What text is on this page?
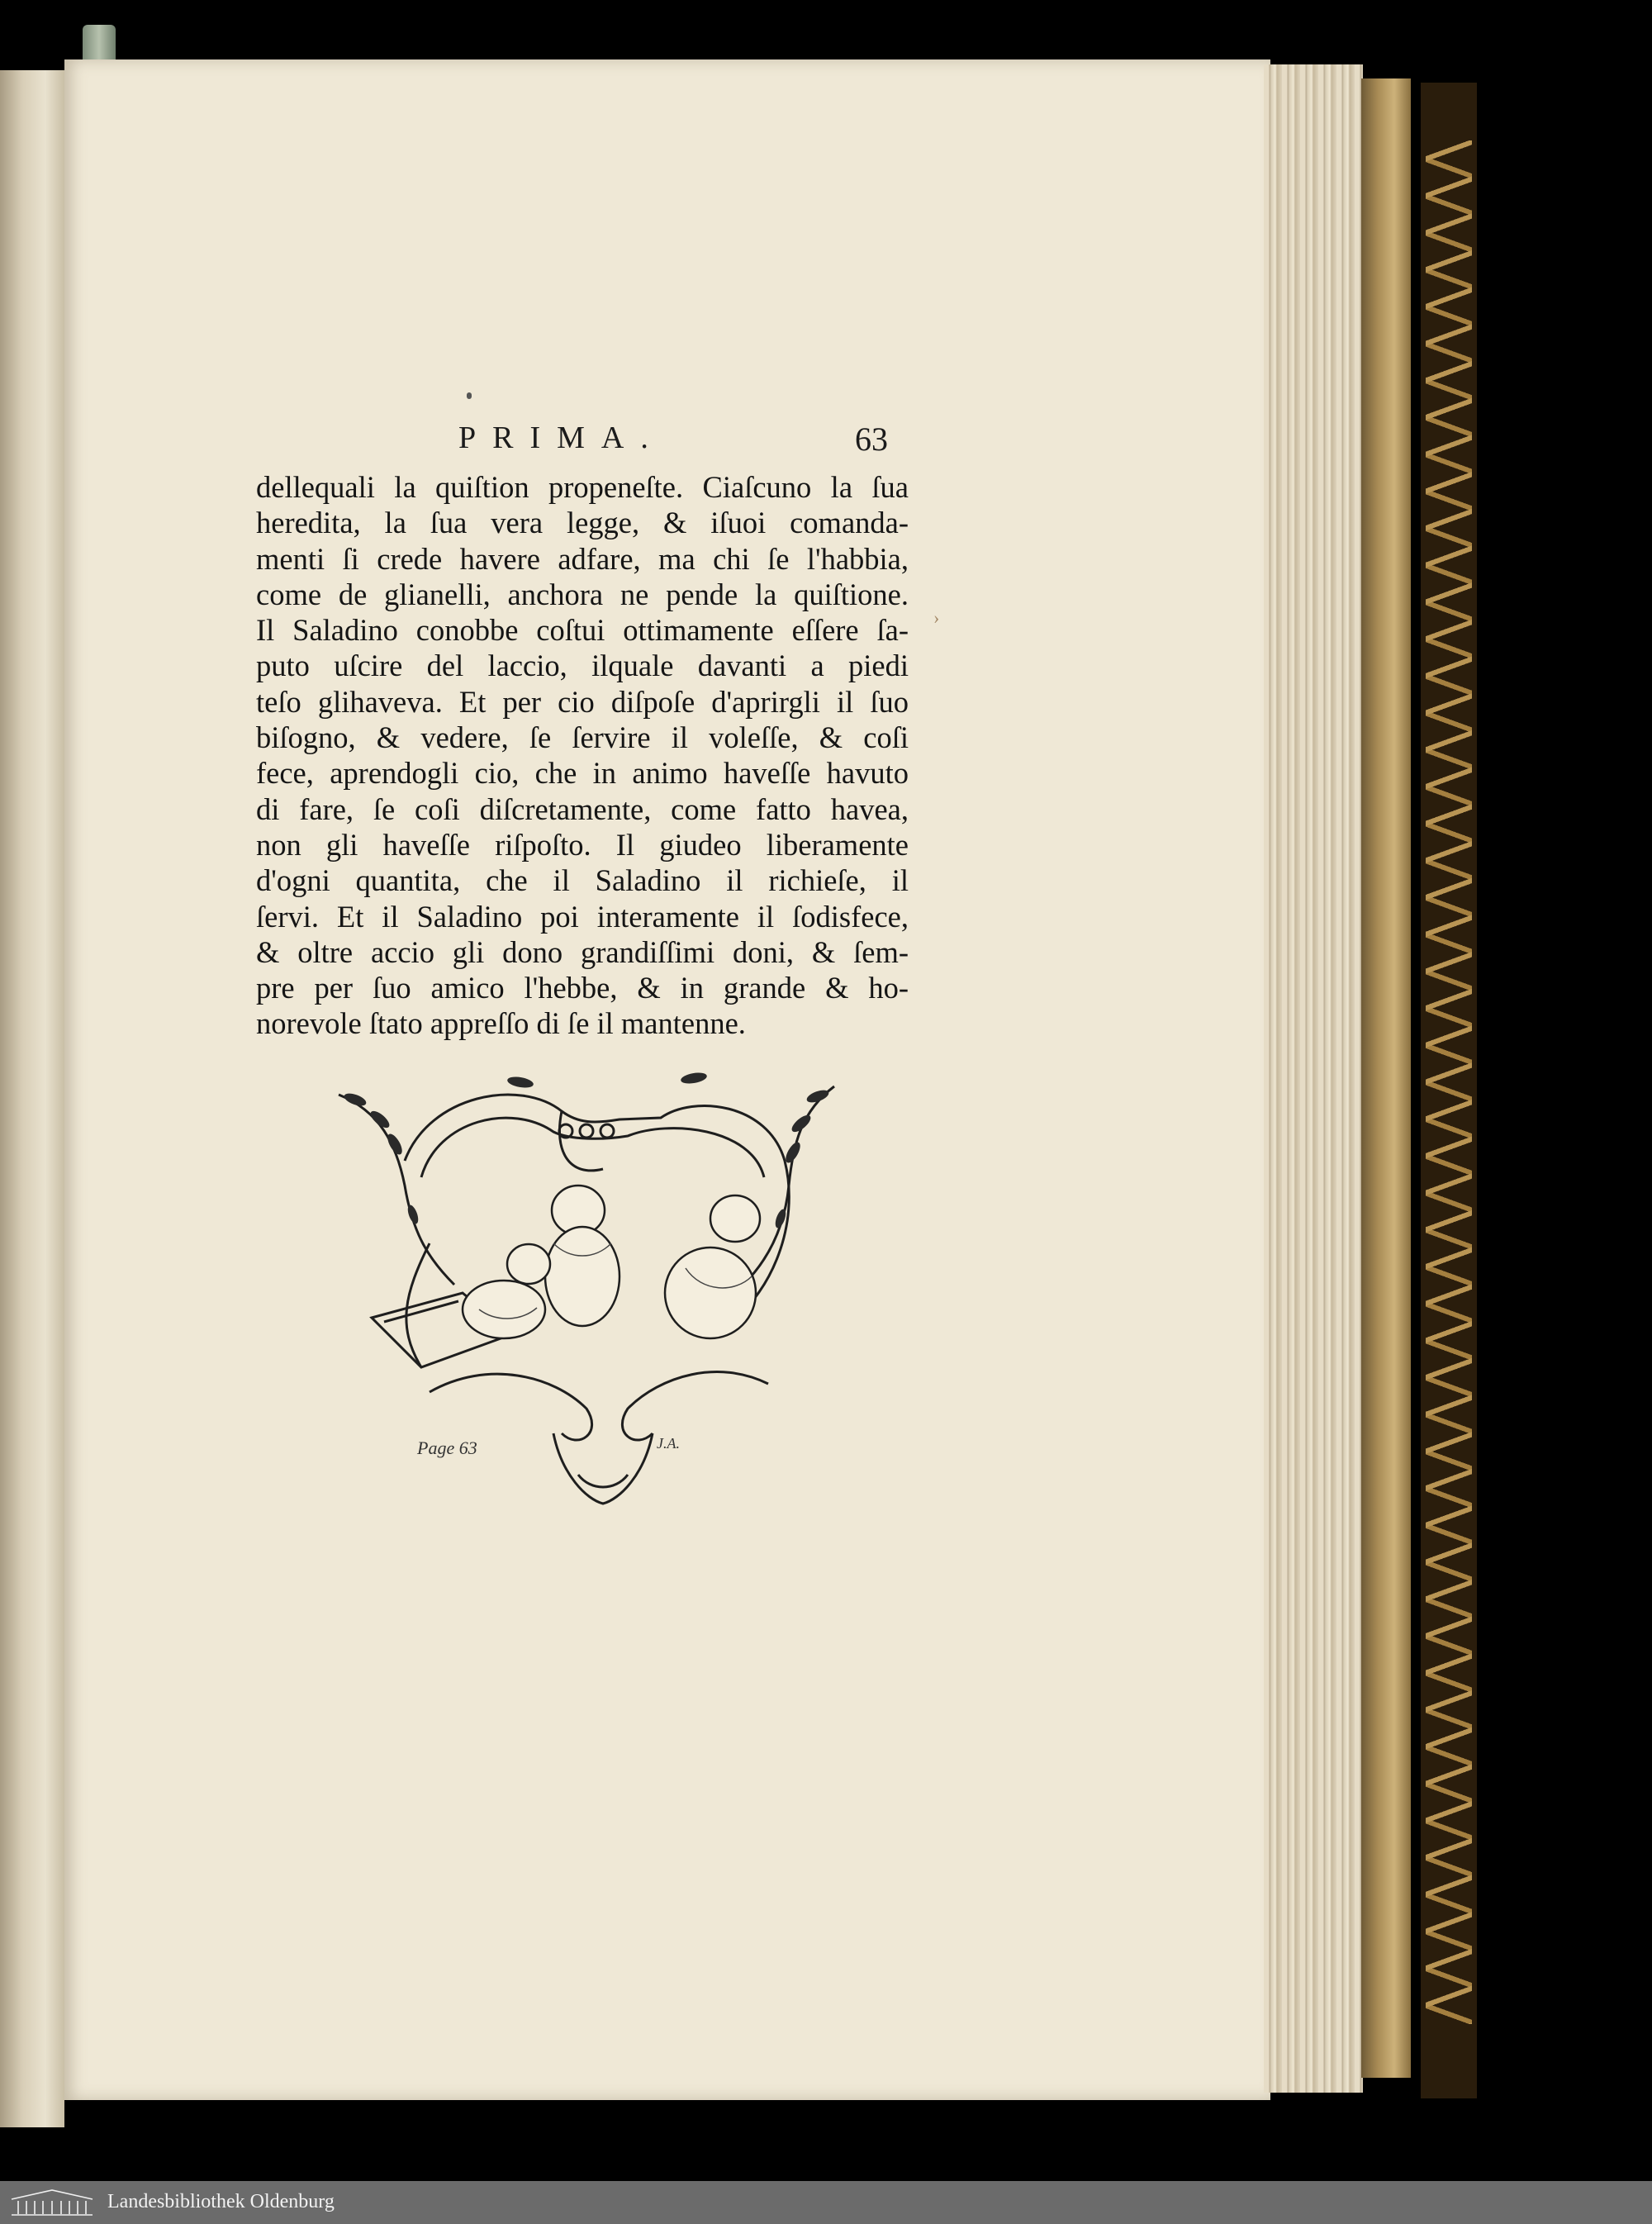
PRIMA.	63
dellequali la quiſtion propeneſte. Ciaſcuno la ſua
heredita, la ſua vera legge, & iſuoi comanda-
menti ſi crede havere adfare, ma chi ſe l'habbia,
come de glianelli, anchora ne pende la quiſtione.
Il Saladino conobbe coſtui ottimamente eſſere ſa-
puto uſcire del laccio, ilquale davanti a piedi
teſo glihaveva. Et per cio diſpoſe d'aprirgli il ſuo
biſogno, & vedere, ſe ſervire il voleſſe, & coſi
fece, aprendogli cio, che in animo haveſſe havuto
di fare, ſe coſi diſcretamente, come fatto havea,
non gli haveſſe riſpoſto. Il giudeo liberamente
d'ogni quantita, che il Saladino il richieſe, il
ſervi. Et il Saladino poi interamente il ſodisfece,
& oltre accio gli dono grandiſſimi doni, & ſem-
pre per ſuo amico l'hebbe, & in grande & ho-
norevole ſtato appreſſo di ſe il mantenne.
›
Page 63	J.A.
Landesbibliothek Oldenburg
